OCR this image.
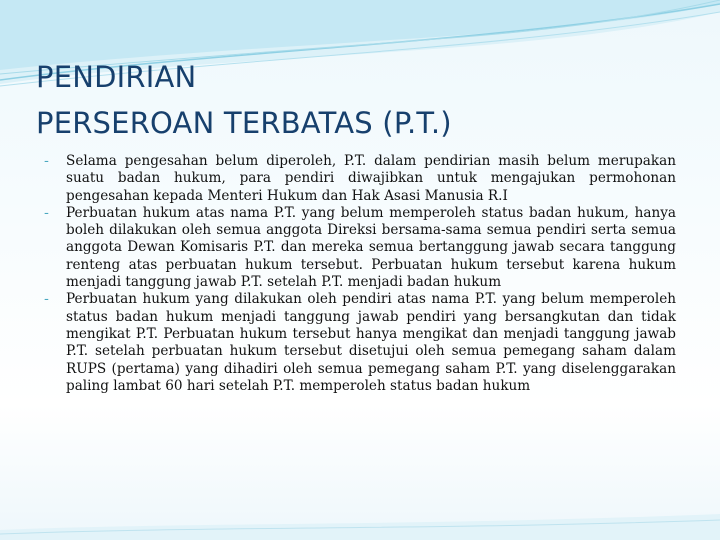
PENDIRIAN
PERSEROAN TERBATAS (P.T.)
- Selama pengesahan belum diperoleh, P.T. dalam pendirian masih belum merupakan suatu badan hukum, para pendiri diwajibkan untuk mengajukan permohonan pengesahan kepada Menteri Hukum dan Hak Asasi Manusia R.I
- Perbuatan hukum atas nama P.T. yang belum memperoleh status badan hukum, hanya boleh dilakukan oleh semua anggota Direksi bersama-sama semua pendiri serta semua anggota Dewan Komisaris P.T. dan mereka semua bertanggung jawab secara tanggung renteng atas perbuatan hukum tersebut. Perbuatan hukum tersebut karena hukum menjadi tanggung jawab P.T. setelah P.T. menjadi badan hukum
- Perbuatan hukum yang dilakukan oleh pendiri atas nama P.T. yang belum memperoleh status badan hukum menjadi tanggung jawab pendiri yang bersangkutan dan tidak mengikat P.T. Perbuatan hukum tersebut hanya mengikat dan menjadi tanggung jawab P.T. setelah perbuatan hukum tersebut disetujui oleh semua pemegang saham dalam RUPS (pertama) yang dihadiri oleh semua pemegang saham P.T. yang diselenggarakan paling lambat 60 hari setelah P.T. memperoleh status badan hukum
